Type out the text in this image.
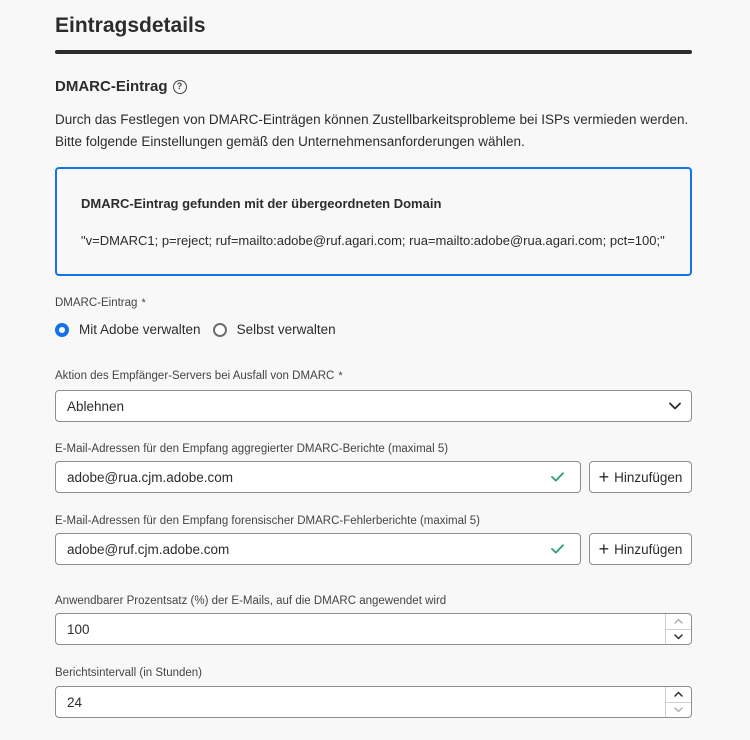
Eintragsdetails
DMARC-Eintrag	?
Durch das Festlegen von DMARC-Einträgen können Zustellbarkeitsprobleme bei ISPs vermieden werden. Bitte folgende Einstellungen gemäß den Unternehmensanforderungen wählen.
DMARC-Eintrag gefunden mit der übergeordneten Domain
"v=DMARC1; p=reject; ruf=mailto:adobe@ruf.agari.com; rua=mailto:adobe@rua.agari.com; pct=100;"
DMARC-Eintrag *
Mit Adobe verwalten	Selbst verwalten
Aktion des Empfänger-Servers bei Ausfall von DMARC *
Ablehnen
E-Mail-Adressen für den Empfang aggregierter DMARC-Berichte (maximal 5)
adobe@rua.cjm.adobe.com	+ Hinzufügen
E-Mail-Adressen für den Empfang forensischer DMARC-Fehlerberichte (maximal 5)
adobe@ruf.cjm.adobe.com	+ Hinzufügen
Anwendbarer Prozentsatz (%) der E-Mails, auf die DMARC angewendet wird
100
Berichtsintervall (in Stunden)
24
